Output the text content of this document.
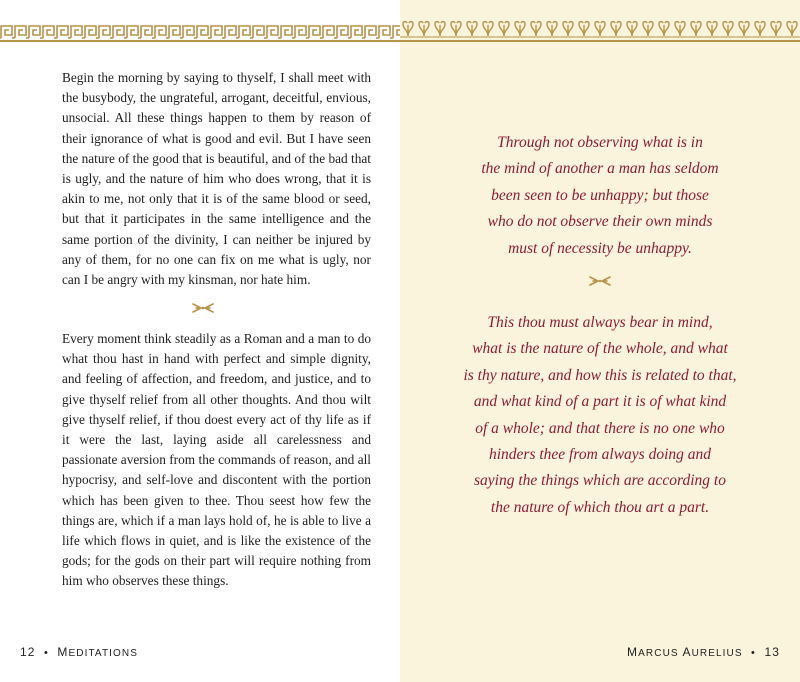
Begin the morning by saying to thyself, I shall meet with the busybody, the ungrateful, arrogant, deceitful, envious, unsocial. All these things happen to them by reason of their ignorance of what is good and evil. But I have seen the nature of the good that is beautiful, and of the bad that is ugly, and the nature of him who does wrong, that it is akin to me, not only that it is of the same blood or seed, but that it participates in the same intelligence and the same portion of the divinity, I can neither be injured by any of them, for no one can fix on me what is ugly, nor can I be angry with my kinsman, nor hate him.

Every moment think steadily as a Roman and a man to do what thou hast in hand with perfect and simple dignity, and feeling of affection, and freedom, and justice, and to give thyself relief from all other thoughts. And thou wilt give thyself relief, if thou doest every act of thy life as if it were the last, laying aside all carelessness and passionate aversion from the commands of reason, and all hypocrisy, and self-love and discontent with the portion which has been given to thee. Thou seest how few the things are, which if a man lays hold of, he is able to live a life which flows in quiet, and is like the existence of the gods; for the gods on their part will require nothing from him who observes these things.

12 • MEDITATIONS

Through not observing what is in
the mind of another a man has seldom
been seen to be unhappy; but those
who do not observe their own minds
must of necessity be unhappy.

This thou must always bear in mind,
what is the nature of the whole, and what
is thy nature, and how this is related to that,
and what kind of a part it is of what kind
of a whole; and that there is no one who
hinders thee from always doing and
saying the things which are according to
the nature of which thou art a part.

MARCUS AURELIUS • 13
